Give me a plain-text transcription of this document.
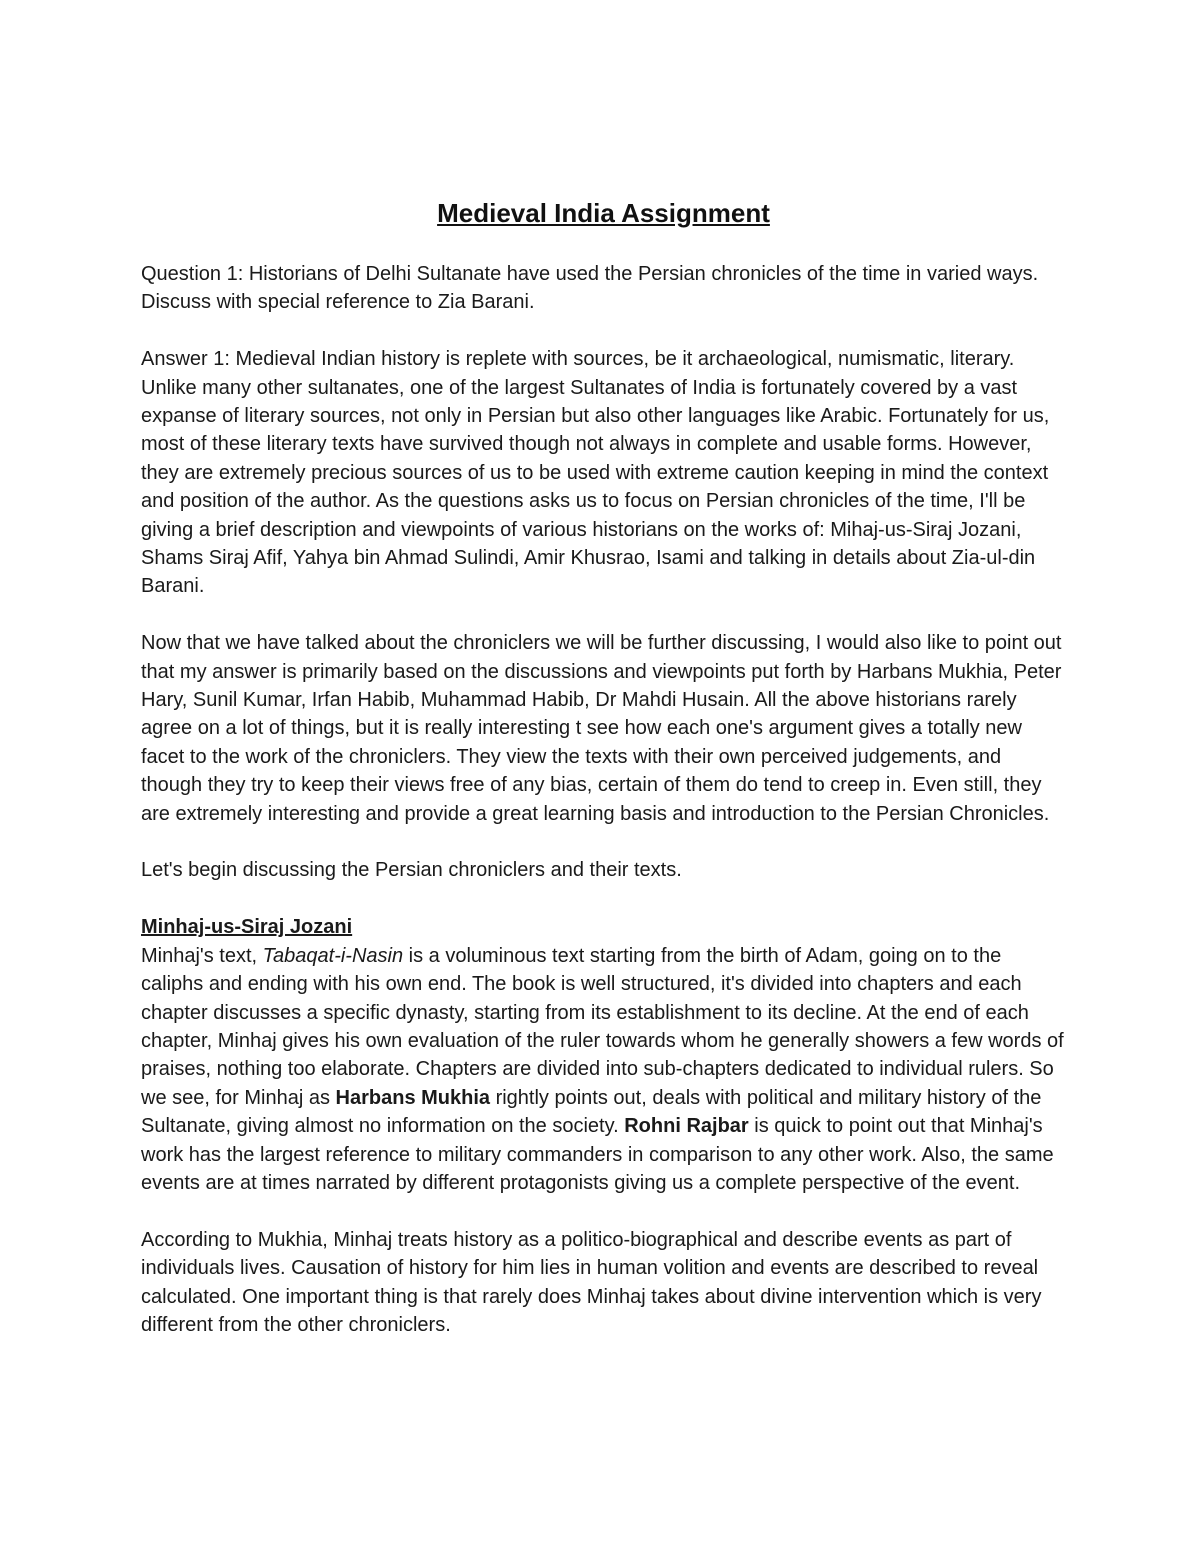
Medieval India Assignment

Question 1: Historians of Delhi Sultanate have used the Persian chronicles of the time in varied ways. Discuss with special reference to Zia Barani.

Answer 1: Medieval Indian history is replete with sources, be it archaeological, numismatic, literary. Unlike many other sultanates, one of the largest Sultanates of India is fortunately covered by a vast expanse of literary sources, not only in Persian but also other languages like Arabic. Fortunately for us, most of these literary texts have survived though not always in complete and usable forms. However, they are extremely precious sources of us to be used with extreme caution keeping in mind the context and position of the author. As the questions asks us to focus on Persian chronicles of the time, I'll be giving a brief description and viewpoints of various historians on the works of: Mihaj-us-Siraj Jozani, Shams Siraj Afif, Yahya bin Ahmad Sulindi, Amir Khusrao, Isami and talking in details about Zia-ul-din Barani.

Now that we have talked about the chroniclers we will be further discussing, I would also like to point out that my answer is primarily based on the discussions and viewpoints put forth by Harbans Mukhia, Peter Hary, Sunil Kumar, Irfan Habib, Muhammad Habib, Dr Mahdi Husain. All the above historians rarely agree on a lot of things, but it is really interesting t see how each one's argument gives a totally new facet to the work of the chroniclers. They view the texts with their own perceived judgements, and though they try to keep their views free of any bias, certain of them do tend to creep in. Even still, they are extremely interesting and provide a great learning basis and introduction to the Persian Chronicles.

Let's begin discussing the Persian chroniclers and their texts.

Minhaj-us-Siraj Jozani
Minhaj's text, Tabaqat-i-Nasin is a voluminous text starting from the birth of Adam, going on to the caliphs and ending with his own end. The book is well structured, it's divided into chapters and each chapter discusses a specific dynasty, starting from its establishment to its decline. At the end of each chapter, Minhaj gives his own evaluation of the ruler towards whom he generally showers a few words of praises, nothing too elaborate. Chapters are divided into sub-chapters dedicated to individual rulers. So we see, for Minhaj as Harbans Mukhia rightly points out, deals with political and military history of the Sultanate, giving almost no information on the society. Rohni Rajbar is quick to point out that Minhaj's work has the largest reference to military commanders in comparison to any other work. Also, the same events are at times narrated by different protagonists giving us a complete perspective of the event.

According to Mukhia, Minhaj treats history as a politico-biographical and describe events as part of individuals lives. Causation of history for him lies in human volition and events are described to reveal calculated. One important thing is that rarely does Minhaj takes about divine intervention which is very different from the other chroniclers.
